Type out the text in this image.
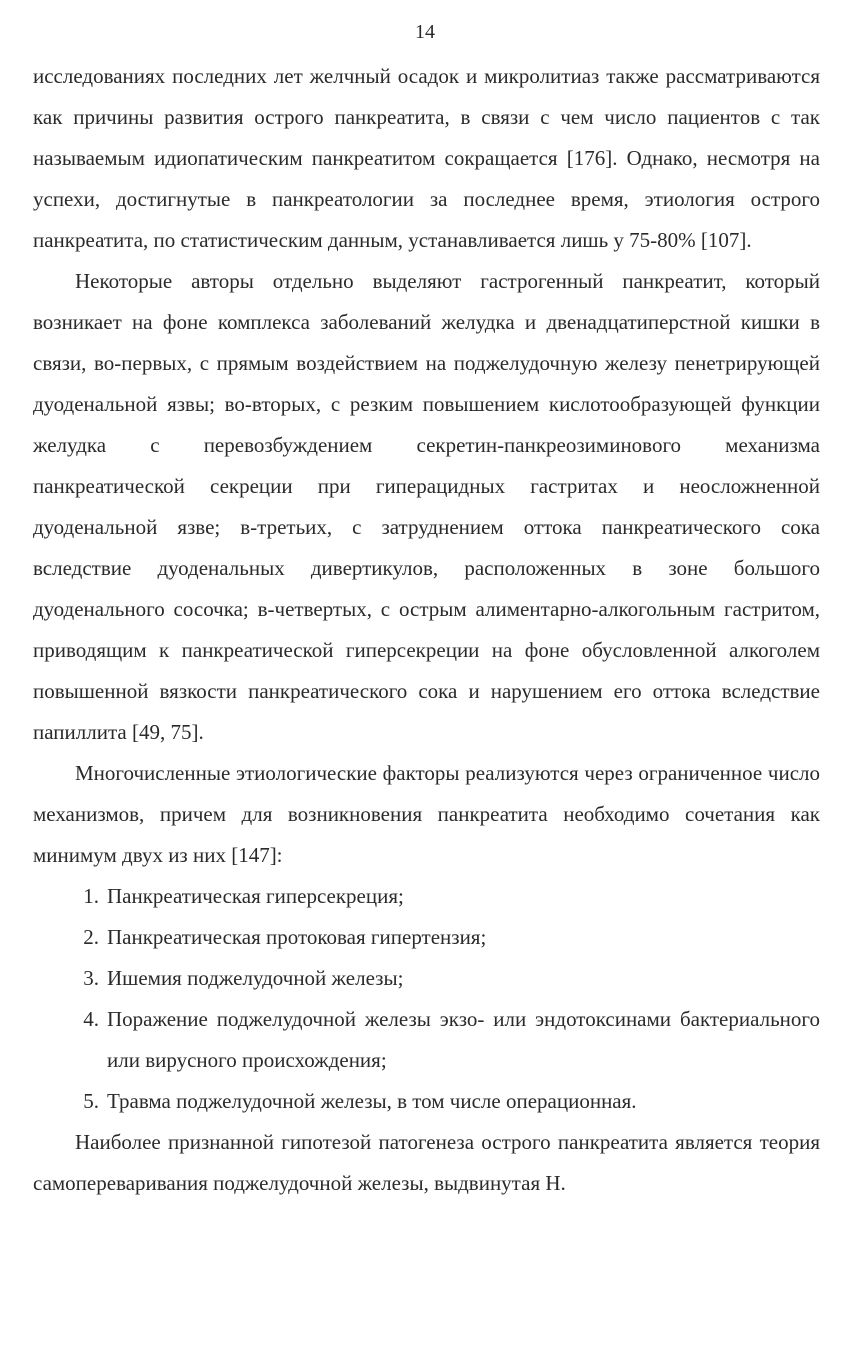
14

исследованиях последних лет желчный осадок и микролитиаз также рассматриваются как причины развития острого панкреатита, в связи с чем число пациентов с так называемым идиопатическим панкреатитом сокращается [176]. Однако, несмотря на успехи, достигнутые в панкреатологии за последнее время, этиология острого панкреатита, по статистическим данным, устанавливается лишь у 75-80% [107].

Некоторые авторы отдельно выделяют гастрогенный панкреатит, который возникает на фоне комплекса заболеваний желудка и двенадцатиперстной кишки в связи, во-первых, с прямым воздействием на поджелудочную железу пенетрирующей дуоденальной язвы; во-вторых, с резким повышением кислотообразующей функции желудка с перевозбуждением секретин-панкреозиминового механизма панкреатической секреции при гиперацидных гастритах и неосложненной дуоденальной язве; в-третьих, с затруднением оттока панкреатического сока вследствие дуоденальных дивертикулов, расположенных в зоне большого дуоденального сосочка; в-четвертых, с острым алиментарно-алкогольным гастритом, приводящим к панкреатической гиперсекреции на фоне обусловленной алкоголем повышенной вязкости панкреатического сока и нарушением его оттока вследствие папиллита [49, 75].

Многочисленные этиологические факторы реализуются через ограниченное число механизмов, причем для возникновения панкреатита необходимо сочетания как минимум двух из них [147]:

1. Панкреатическая гиперсекреция;
2. Панкреатическая протоковая гипертензия;
3. Ишемия поджелудочной железы;
4. Поражение поджелудочной железы экзо- или эндотоксинами бактериального или вирусного происхождения;
5. Травма поджелудочной железы, в том числе операционная.

Наиболее признанной гипотезой патогенеза острого панкреатита является теория самопереваривания поджелудочной железы, выдвинутая Н.
